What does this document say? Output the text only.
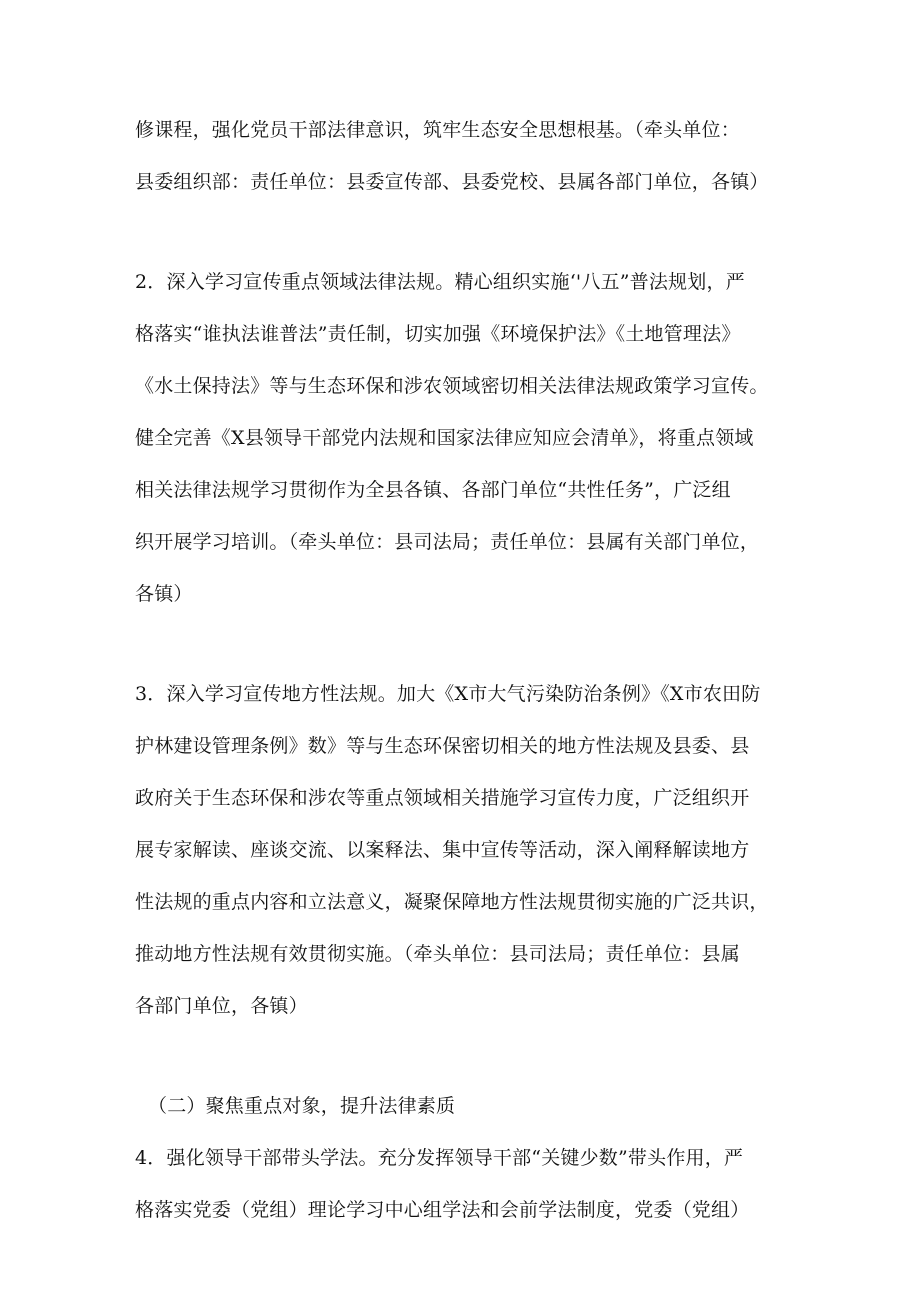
修课程，强化党员干部法律意识，筑牢生态安全思想根基。（牵头单位：
县委组织部：责任单位：县委宣传部、县委党校、县属各部门单位，各镇）
2．深入学习宣传重点领域法律法规。精心组织实施‘'八五”普法规划，严
格落实“谁执法谁普法”责任制，切实加强《环境保护法》《土地管理法》
《水土保持法》等与生态环保和涉农领域密切相关法律法规政策学习宣传。
健全完善《X县领导干部党内法规和国家法律应知应会清单》，将重点领域
相关法律法规学习贯彻作为全县各镇、各部门单位“共性任务”，广泛组
织开展学习培训。（牵头单位：县司法局；责任单位：县属有关部门单位，
各镇）
3．深入学习宣传地方性法规。加大《X市大气污染防治条例》《X市农田防
护林建设管理条例》数》等与生态环保密切相关的地方性法规及县委、县
政府关于生态环保和涉农等重点领域相关措施学习宣传力度，广泛组织开
展专家解读、座谈交流、以案释法、集中宣传等活动，深入阐释解读地方
性法规的重点内容和立法意义，凝聚保障地方性法规贯彻实施的广泛共识，
推动地方性法规有效贯彻实施。（牵头单位：县司法局；责任单位：县属
各部门单位，各镇）
（二）聚焦重点对象，提升法律素质
4．强化领导干部带头学法。充分发挥领导干部“关键少数”带头作用，严
格落实党委（党组）理论学习中心组学法和会前学法制度，党委（党组）
